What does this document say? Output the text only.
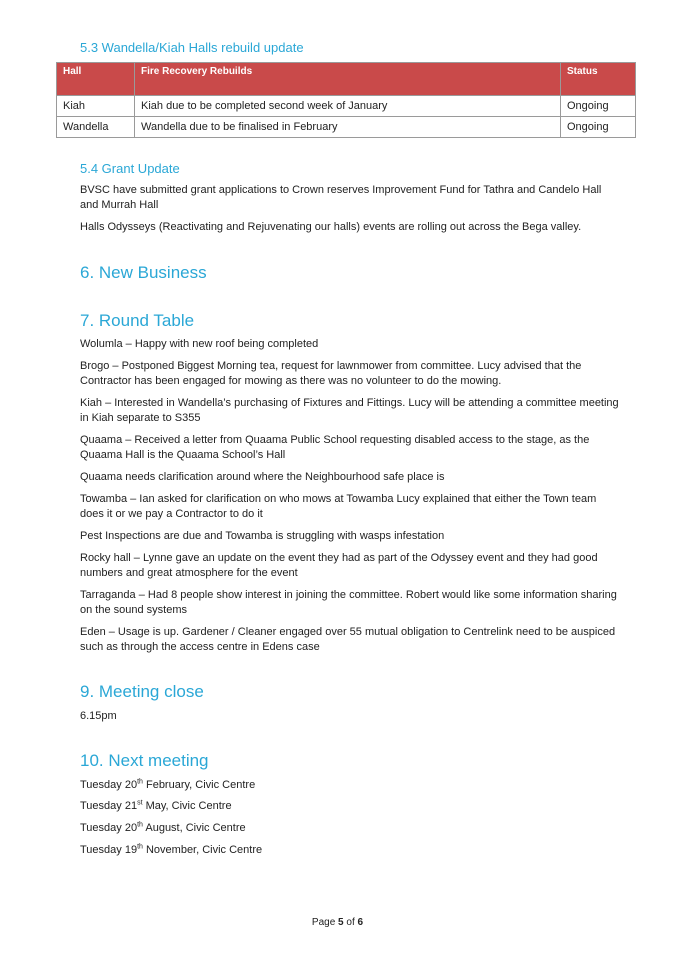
5.3 Wandella/Kiah Halls rebuild update
Hall	Fire Recovery Rebuilds	Status
Kiah	Kiah due to be completed second week of January	Ongoing
Wandella	Wandella due to be finalised in February	Ongoing
5.4 Grant Update

BVSC have submitted grant applications to Crown reserves Improvement Fund for Tathra and Candelo Hall and Murrah Hall

Halls Odysseys (Reactivating and Rejuvenating our halls) events are rolling out across the Bega valley.

6. New Business
7. Round Table

Wolumla – Happy with new roof being completed

Brogo – Postponed Biggest Morning tea, request for lawnmower from committee. Lucy advised that the Contractor has been engaged for mowing as there was no volunteer to do the mowing.

Kiah – Interested in Wandella’s purchasing of Fixtures and Fittings. Lucy will be attending a committee meeting in Kiah separate to S355

Quaama – Received a letter from Quaama Public School requesting disabled access to the stage, as the Quaama Hall is the Quaama School’s Hall

Quaama needs clarification around where the Neighbourhood safe place is

Towamba – Ian asked for clarification on who mows at Towamba Lucy explained that either the Town team does it or we pay a Contractor to do it

Pest Inspections are due and Towamba is struggling with wasps infestation

Rocky hall – Lynne gave an update on the event they had as part of the Odyssey event and they had good numbers and great atmosphere for the event

Tarraganda – Had 8 people show interest in joining the committee. Robert would like some information sharing on the sound systems

Eden – Usage is up. Gardener / Cleaner engaged over 55 mutual obligation to Centrelink need to be auspiced such as through the access centre in Edens case

9. Meeting close

6.15pm

10. Next meeting

Tuesday 20th February, Civic Centre

Tuesday 21st May, Civic Centre

Tuesday 20th August, Civic Centre

Tuesday 19th November, Civic Centre

Page 5 of 6
